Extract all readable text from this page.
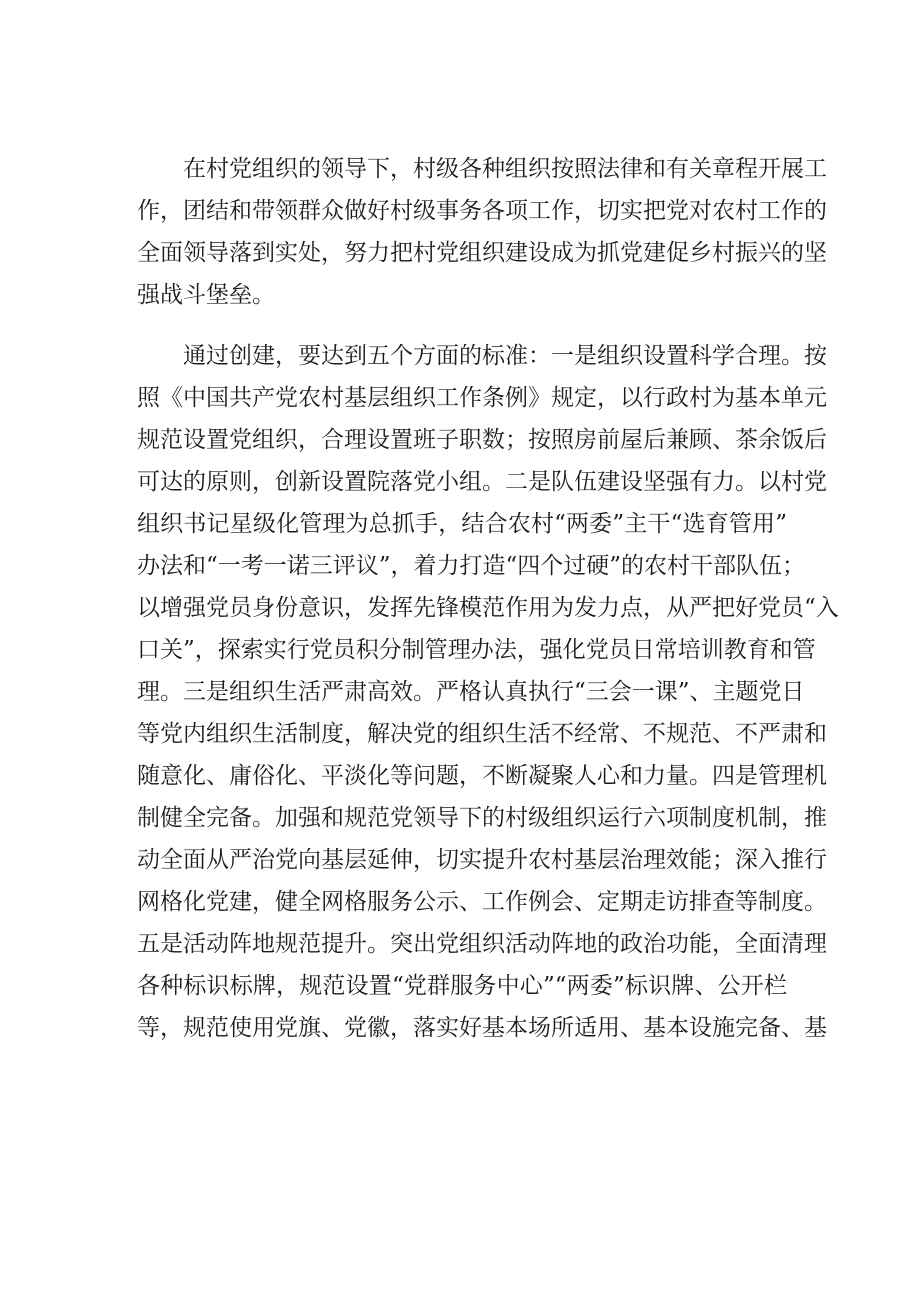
在村党组织的领导下，村级各种组织按照法律和有关章程开展工

作，团结和带领群众做好村级事务各项工作，切实把党对农村工作的

全面领导落到实处，努力把村党组织建设成为抓党建促乡村振兴的坚

强战斗堡垒。

通过创建，要达到五个方面的标准：一是组织设置科学合理。按

照《中国共产党农村基层组织工作条例》规定，以行政村为基本单元

规范设置党组织，合理设置班子职数；按照房前屋后兼顾、茶余饭后

可达的原则，创新设置院落党小组。二是队伍建设坚强有力。以村党

组织书记星级化管理为总抓手，结合农村“两委”主干“选育管用”

办法和“一考一诺三评议”，着力打造“四个过硬”的农村干部队伍；

以增强党员身份意识，发挥先锋模范作用为发力点，从严把好党员“入

口关”，探索实行党员积分制管理办法，强化党员日常培训教育和管

理。三是组织生活严肃高效。严格认真执行“三会一课”、主题党日

等党内组织生活制度，解决党的组织生活不经常、不规范、不严肃和

随意化、庸俗化、平淡化等问题，不断凝聚人心和力量。四是管理机

制健全完备。加强和规范党领导下的村级组织运行六项制度机制，推

动全面从严治党向基层延伸，切实提升农村基层治理效能；深入推行

网格化党建，健全网格服务公示、工作例会、定期走访排查等制度。

五是活动阵地规范提升。突出党组织活动阵地的政治功能，全面清理

各种标识标牌，规范设置“党群服务中心”“两委”标识牌、公开栏

等，规范使用党旗、党徽，落实好基本场所适用、基本设施完备、基
